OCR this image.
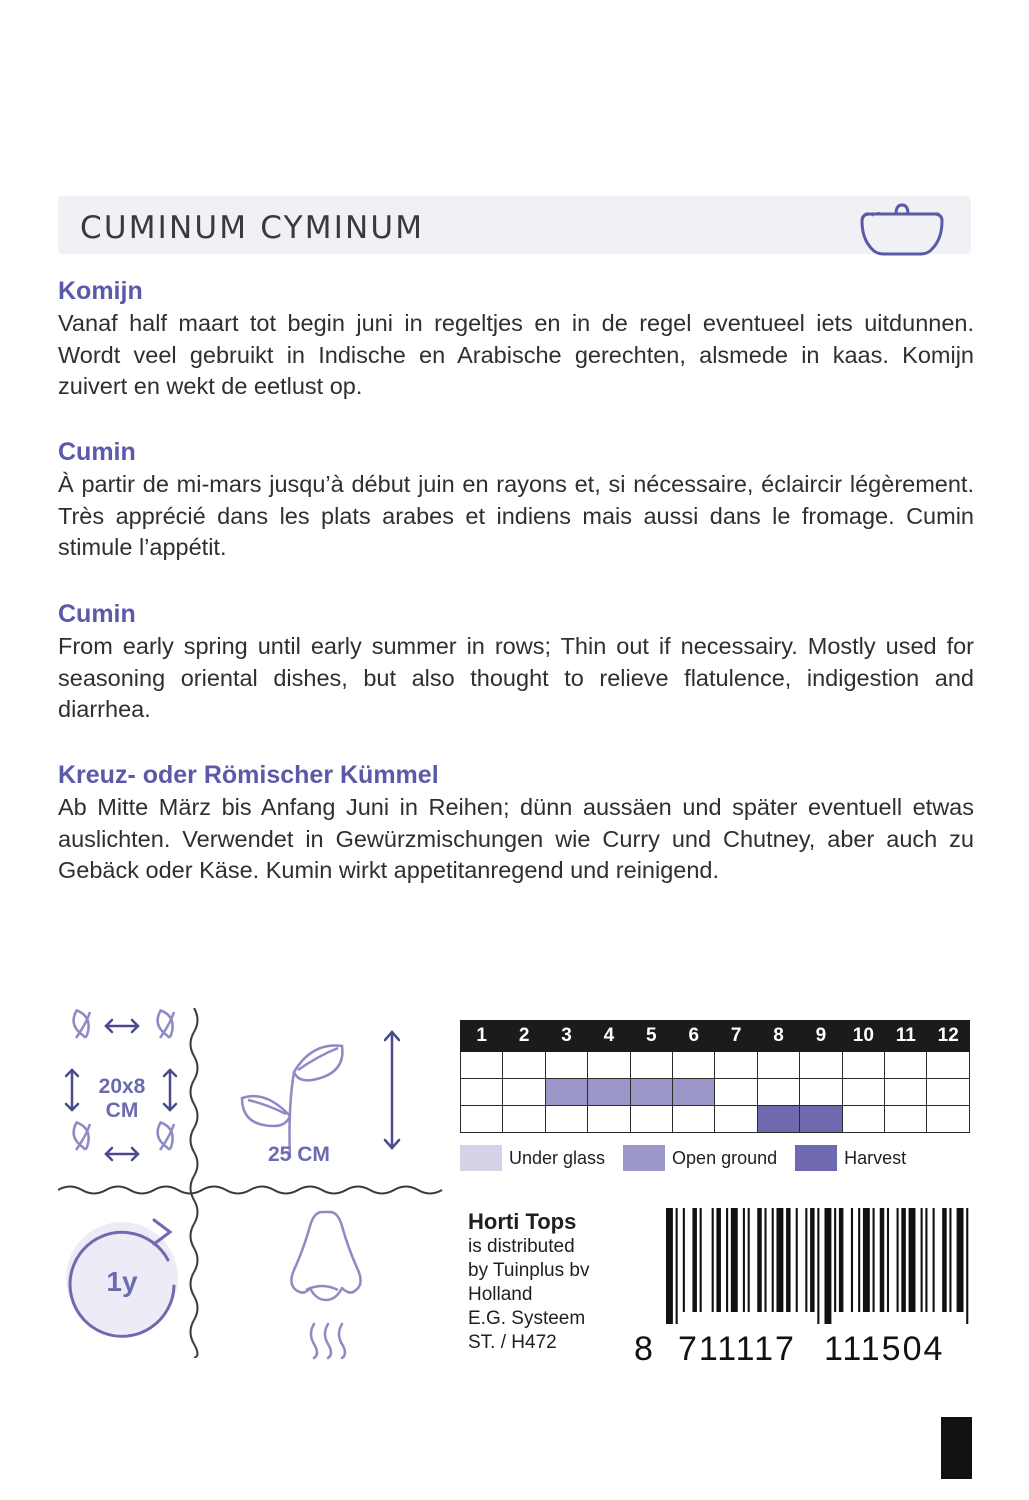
CUMINUM CYMINUM

Komijn

Vanaf half maart tot begin juni in regeltjes en in de regel eventueel iets uitdunnen. Wordt veel gebruikt in Indische en Arabische gerechten, alsmede in kaas. Komijn zuivert en wekt de eetlust op.

Cumin

À partir de mi-mars jusqu’à début juin en rayons et, si nécessaire, éclaircir légèrement. Très apprécié dans les plats arabes et indiens mais aussi dans le fromage. Cumin stimule l’appétit.

Cumin

From early spring until early summer in rows; Thin out if necessairy. Mostly used for seasoning oriental dishes, but also thought to relieve flatulence, indigestion and diarrhea.

Kreuz- oder Römischer Kümmel

Ab Mitte März bis Anfang Juni in Reihen; dünn aussäen und später eventuell etwas auslichten. Verwendet in Gewürzmischungen wie Curry und Chutney, aber auch zu Gebäck oder Käse. Kumin wirkt appetitanregend und reinigend.

20x8
CM
25 CM
1y
1	2	3	4	5	6	7	8	9	10	11	12

Under glass	Open ground	Harvest
Horti Tops
is distributed
by Tuinplus bv
Holland
E.G. Systeem
ST. / H472	8 711117 111504
